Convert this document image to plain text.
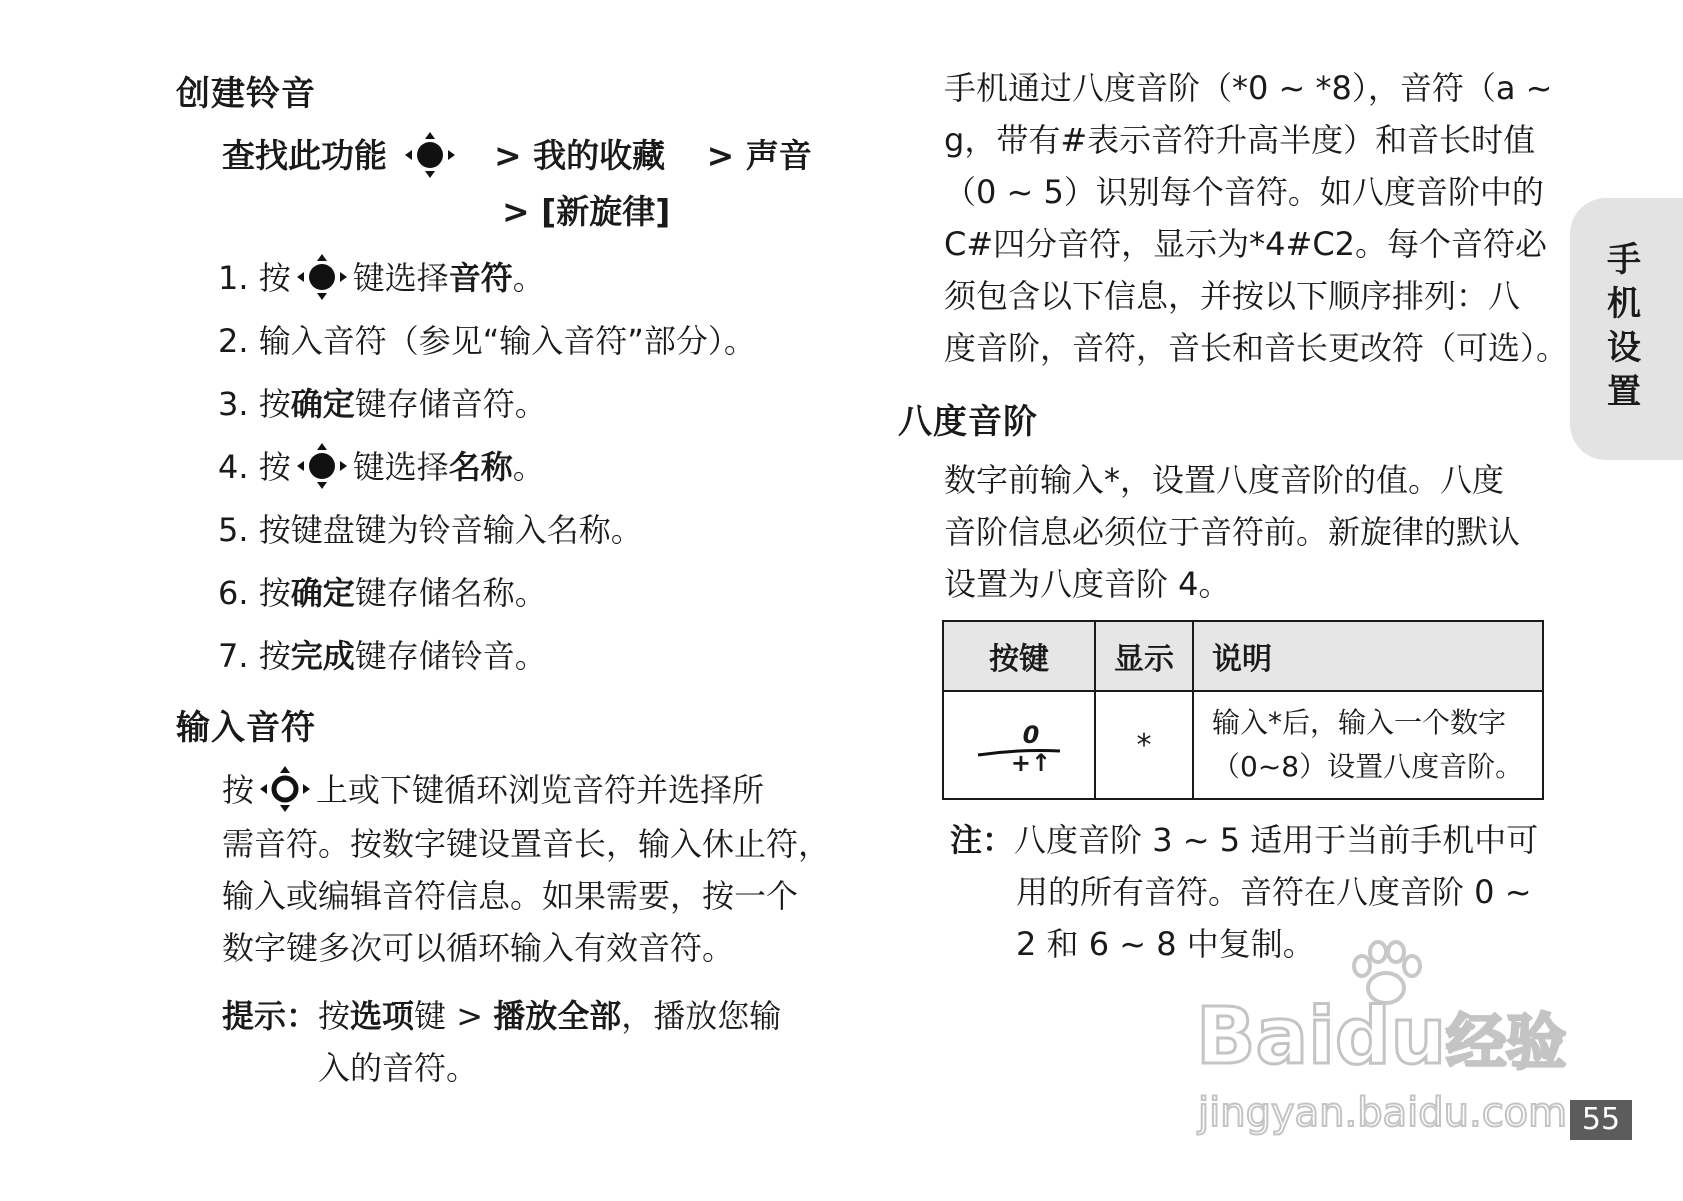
创建铃音
查找此功能	> 我的收藏 > 声音
> [新旋律]
1. 按 键选择音符。
2. 输入音符（参见“输入音符”部分）。
3. 按确定键存储音符。
4. 按 键选择名称。
5. 按键盘键为铃音输入名称。
6. 按确定键存储名称。
7. 按完成键存储铃音。
输入音符
按 上或下键循环浏览音符并选择所
需音符。按数字键设置音长，输入休止符，
输入或编辑音符信息。如果需要，按一个
数字键多次可以循环输入有效音符。
提示：按选项键 > 播放全部，播放您输
入的音符。
手机通过八度音阶（*0 ~ *8），音符（a ~
g，带有#表示音符升高半度）和音长时值
（0 ~ 5）识别每个音符。如八度音阶中的
C#四分音符，显示为*4#C2。每个音符必
须包含以下信息，并按以下顺序排列：八
度音阶，音符，音长和音长更改符（可选）。
八度音阶
数字前输入*，设置八度音阶的值。八度
音阶信息必须位于音符前。新旋律的默认
设置为八度音阶 4。
按键	显示	说明

0 +↑	*	输入*后，输入一个数字
（0~8）设置八度音阶。
注：八度音阶 3 ~ 5 适用于当前手机中可
用的所有音符。音符在八度音阶 0 ~
2 和 6 ~ 8 中复制。
手
机
设
置
Baidu经验
jingyan.baidu.com 55
